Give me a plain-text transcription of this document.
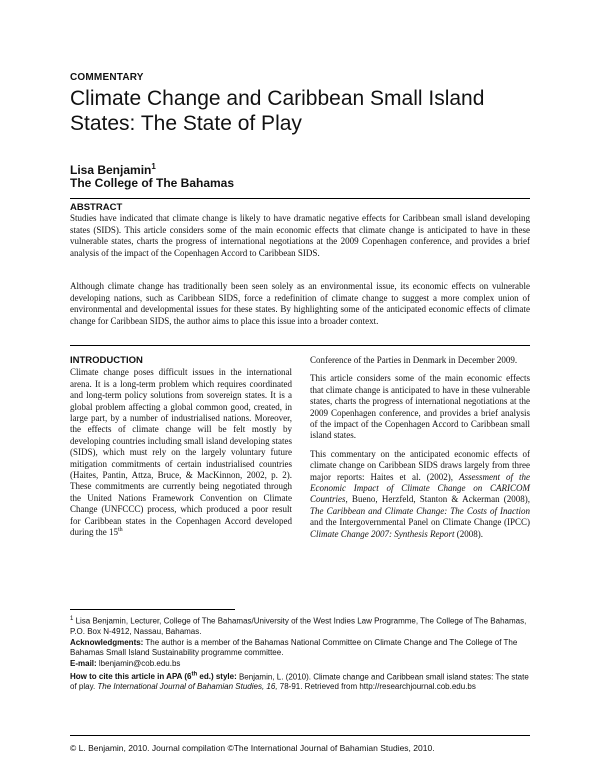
COMMENTARY
Climate Change and Caribbean Small Island States: The State of Play
Lisa Benjamin$^1$
The College of The Bahamas
ABSTRACT

Studies have indicated that climate change is likely to have dramatic negative effects for Caribbean small island developing states (SIDS). This article considers some of the main economic effects that climate change is anticipated to have in these vulnerable states, charts the progress of international negotiations at the 2009 Copenhagen conference, and provides a brief analysis of the impact of the Copenhagen Accord to Caribbean SIDS.

Although climate change has traditionally been seen solely as an environmental issue, its economic effects on vulnerable developing nations, such as Caribbean SIDS, force a redefinition of climate change to suggest a more complex union of environmental and developmental issues for these states. By highlighting some of the anticipated economic effects of climate change for Caribbean SIDS, the author aims to place this issue into a broader context.

INTRODUCTION

Climate change poses difficult issues in the international arena. It is a long-term problem which requires coordinated and long-term policy solutions from sovereign states. It is a global problem affecting a global common good, created, in large part, by a number of industrialised nations. Moreover, the effects of climate change will be felt mostly by developing countries including small island developing states (SIDS), which must rely on the largely voluntary future mitigation commitments of certain industrialised countries (Haites, Pantin, Attza, Bruce, & MacKinnon, 2002, p. 2). These commitments are currently being negotiated through the United Nations Framework Convention on Climate Change (UNFCCC) process, which produced a poor result for Caribbean states in the Copenhagen Accord developed during the 15th

Conference of the Parties in Denmark in December 2009.

This article considers some of the main economic effects that climate change is anticipated to have in these vulnerable states, charts the progress of international negotiations at the 2009 Copenhagen conference, and provides a brief analysis of the impact of the Copenhagen Accord to Caribbean small island states.

This commentary on the anticipated economic effects of climate change on Caribbean SIDS draws largely from three major reports: Haites et al. (2002), Assessment of the Economic Impact of Climate Change on CARICOM Countries, Bueno, Herzfeld, Stanton & Ackerman (2008), The Caribbean and Climate Change: The Costs of Inaction and the Intergovernmental Panel on Climate Change (IPCC) Climate Change 2007: Synthesis Report (2008).

$^1$ Lisa Benjamin, Lecturer, College of The Bahamas/University of the West Indies Law Programme, The College of The Bahamas, P.O. Box N-4912, Nassau, Bahamas.

Acknowledgments: The author is a member of the Bahamas National Committee on Climate Change and The College of The Bahamas Small Island Sustainability programme committee.

E-mail: lbenjamin@cob.edu.bs

How to cite this article in APA (6th ed.) style: Benjamin, L. (2010). Climate change and Caribbean small island states: The state of play. The International Journal of Bahamian Studies, 16, 78-91. Retrieved from http://researchjournal.cob.edu.bs

© L. Benjamin, 2010. Journal compilation ©The International Journal of Bahamian Studies, 2010.
